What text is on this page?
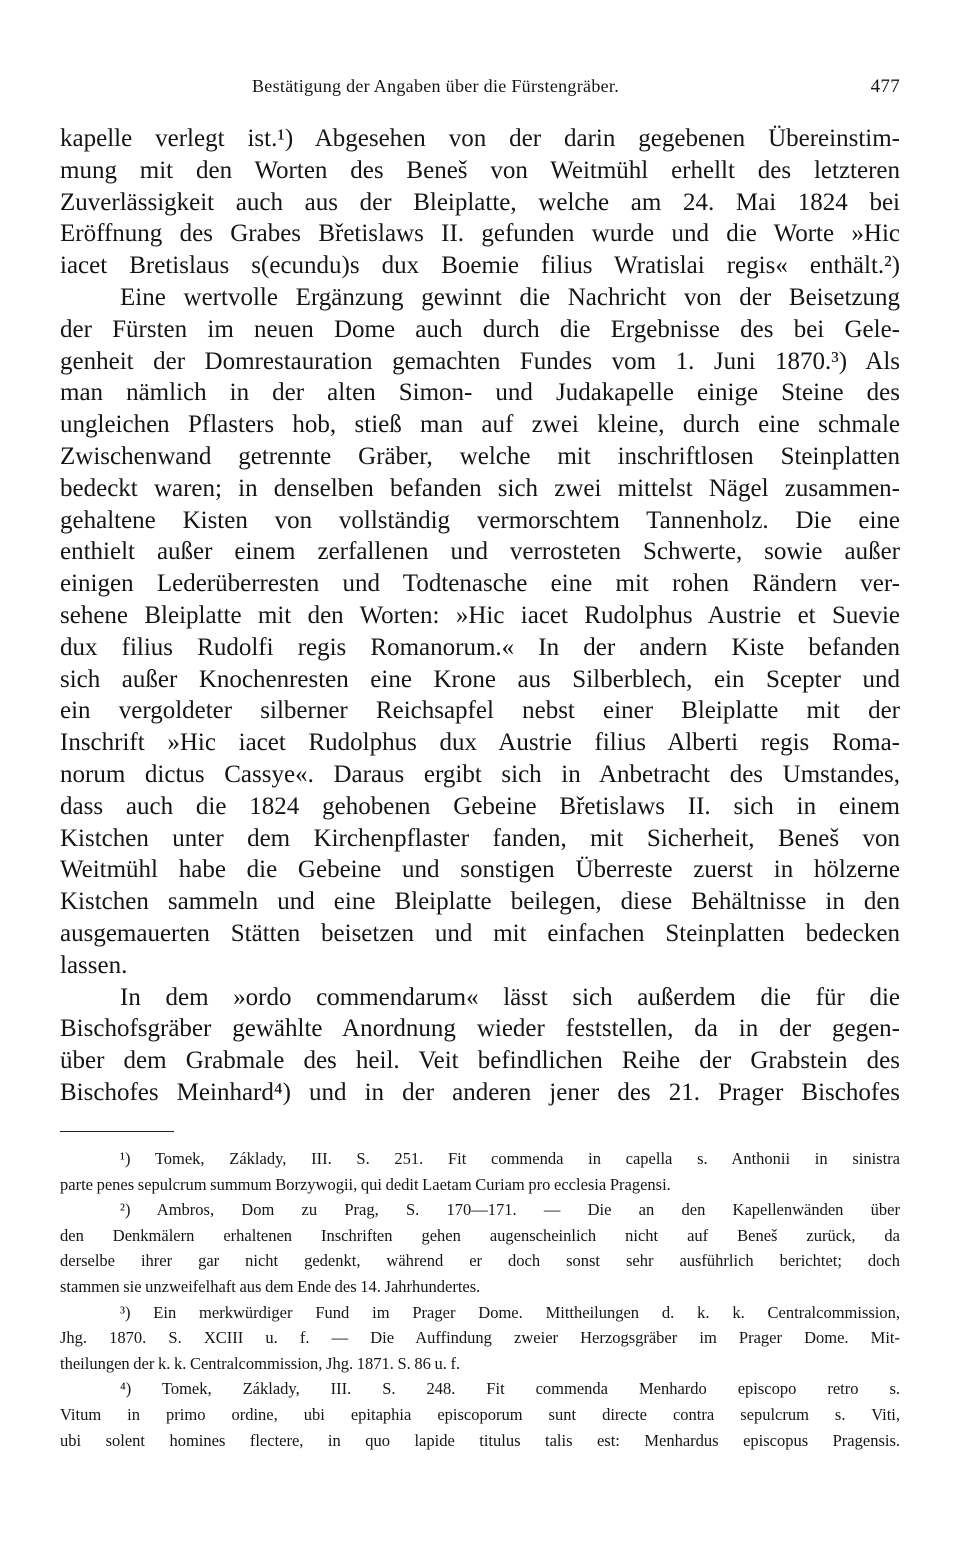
Bestätigung der Angaben über die Fürstengräber.	477

kapelle verlegt ist.¹) Abgesehen von der darin gegebenen Übereinstim-

mung mit den Worten des Beneš von Weitmühl erhellt des letzteren

Zuverlässigkeit auch aus der Bleiplatte, welche am 24. Mai 1824 bei

Eröffnung des Grabes Břetislaws II. gefunden wurde und die Worte »Hic

iacet Bretislaus s(ecundu)s dux Boemie filius Wratislai regis« enthält.²)

Eine wertvolle Ergänzung gewinnt die Nachricht von der Beisetzung

der Fürsten im neuen Dome auch durch die Ergebnisse des bei Gele-

genheit der Domrestauration gemachten Fundes vom 1. Juni 1870.³) Als

man nämlich in der alten Simon- und Judakapelle einige Steine des

ungleichen Pflasters hob, stieß man auf zwei kleine, durch eine schmale

Zwischenwand getrennte Gräber, welche mit inschriftlosen Steinplatten

bedeckt waren; in denselben befanden sich zwei mittelst Nägel zusammen-

gehaltene Kisten von vollständig vermorschtem Tannenholz. Die eine

enthielt außer einem zerfallenen und verrosteten Schwerte, sowie außer

einigen Lederüberresten und Todtenasche eine mit rohen Rändern ver-

sehene Bleiplatte mit den Worten: »Hic iacet Rudolphus Austrie et Suevie

dux filius Rudolfi regis Romanorum.« In der andern Kiste befanden

sich außer Knochenresten eine Krone aus Silberblech, ein Scepter und

ein vergoldeter silberner Reichsapfel nebst einer Bleiplatte mit der

Inschrift »Hic iacet Rudolphus dux Austrie filius Alberti regis Roma-

norum dictus Cassye«. Daraus ergibt sich in Anbetracht des Umstandes,

dass auch die 1824 gehobenen Gebeine Břetislaws II. sich in einem

Kistchen unter dem Kirchenpflaster fanden, mit Sicherheit, Beneš von

Weitmühl habe die Gebeine und sonstigen Überreste zuerst in hölzerne

Kistchen sammeln und eine Bleiplatte beilegen, diese Behältnisse in den

ausgemauerten Stätten beisetzen und mit einfachen Steinplatten bedecken

lassen.

In dem »ordo commendarum« lässt sich außerdem die für die

Bischofsgräber gewählte Anordnung wieder feststellen, da in der gegen-

über dem Grabmale des heil. Veit befindlichen Reihe der Grabstein des

Bischofes Meinhard⁴) und in der anderen jener des 21. Prager Bischofes

¹) Tomek, Základy, III. S. 251. Fit commenda in capella s. Anthonii in sinistra

parte penes sepulcrum summum Borzywogii, qui dedit Laetam Curiam pro ecclesia Pragensi.

²) Ambros, Dom zu Prag, S. 170—171. — Die an den Kapellenwänden über

den Denkmälern erhaltenen Inschriften gehen augenscheinlich nicht auf Beneš zurück, da

derselbe ihrer gar nicht gedenkt, während er doch sonst sehr ausführlich berichtet; doch

stammen sie unzweifelhaft aus dem Ende des 14. Jahrhundertes.

³) Ein merkwürdiger Fund im Prager Dome. Mittheilungen d. k. k. Centralcommission,

Jhg. 1870. S. XCIII u. f. — Die Auffindung zweier Herzogsgräber im Prager Dome. Mit-

theilungen der k. k. Centralcommission, Jhg. 1871. S. 86 u. f.

⁴) Tomek, Základy, III. S. 248. Fit commenda Menhardo episcopo retro s.

Vitum in primo ordine, ubi epitaphia episcoporum sunt directe contra sepulcrum s. Viti,

ubi solent homines flectere, in quo lapide titulus talis est: Menhardus episcopus Pragensis.
